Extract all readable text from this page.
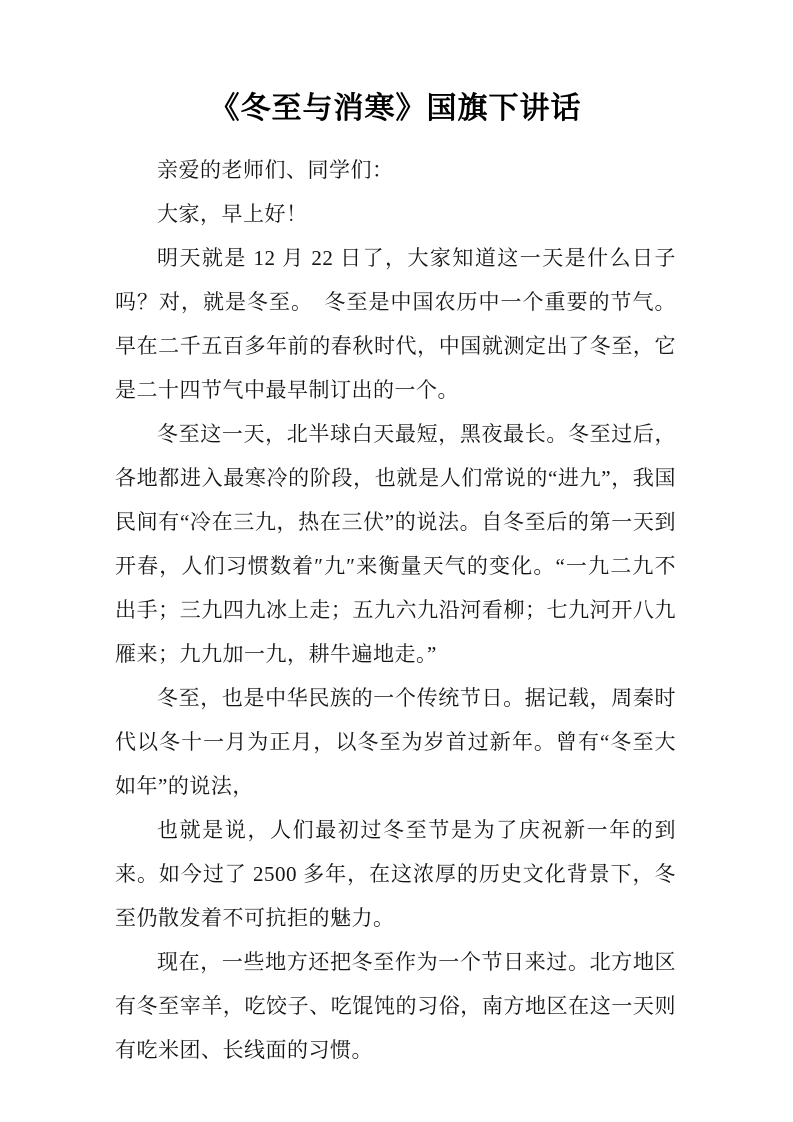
《冬至与消寒》国旗下讲话

亲爱的老师们、同学们：

大家，早上好！

明天就是 12 月 22 日了，大家知道这一天是什么日子吗？对，就是冬至。　冬至是中国农历中一个重要的节气。早在二千五百多年前的春秋时代，中国就测定出了冬至，它是二十四节气中最早制订出的一个。

冬至这一天，北半球白天最短，黑夜最长。冬至过后，各地都进入最寒冷的阶段，也就是人们常说的“进九”，我国民间有“冷在三九，热在三伏”的说法。自冬至后的第一天到开春，人们习惯数着″九″来衡量天气的变化。“一九二九不出手；三九四九冰上走；五九六九沿河看柳；七九河开八九雁来；九九加一九，耕牛遍地走。”

冬至，也是中华民族的一个传统节日。据记载，周秦时代以冬十一月为正月，以冬至为岁首过新年。曾有“冬至大如年”的说法，

也就是说，人们最初过冬至节是为了庆祝新一年的到来。如今过了 2500 多年，在这浓厚的历史文化背景下，冬至仍散发着不可抗拒的魅力。

现在，一些地方还把冬至作为一个节日来过。北方地区有冬至宰羊，吃饺子、吃馄饨的习俗，南方地区在这一天则有吃米团、长线面的习惯。
